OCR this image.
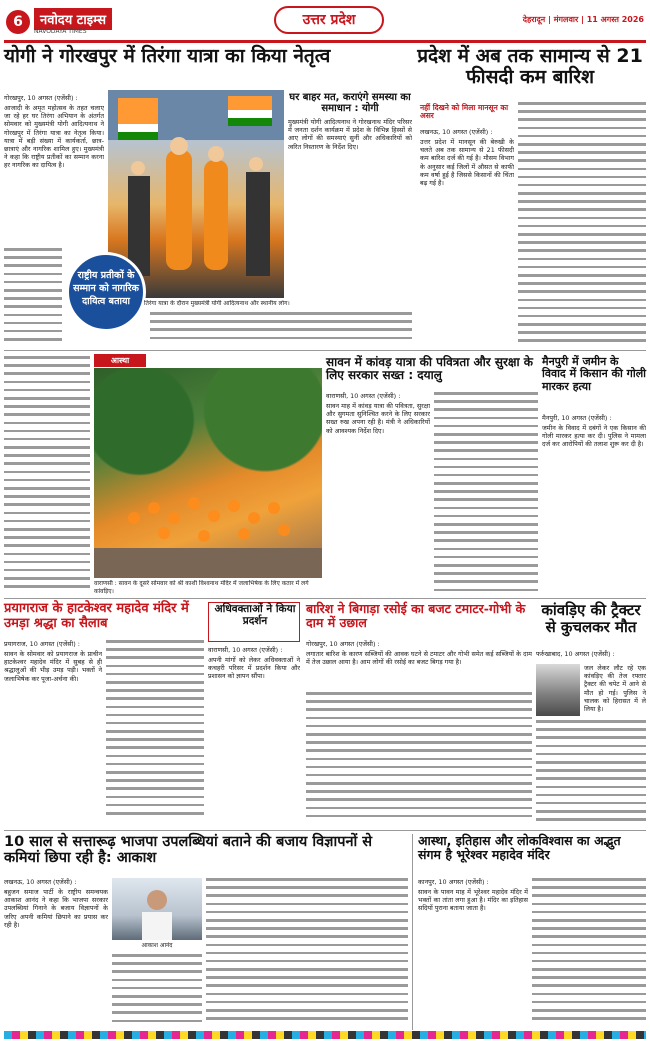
6	नवोदय टाइम्स
NAVODAYA TIMES
उत्तर प्रदेश	देहरादून | मंगलवार | 11 अगस्त 2026
योगी ने गोरखपुर में तिरंगा यात्रा का किया नेतृत्व	प्रदेश में अब तक सामान्य से 21 फीसदी कम बारिश
गोरखपुर, 10 अगस्त (एजेंसी) :
आजादी के अमृत महोत्सव के तहत चलाए जा रहे हर घर तिरंगा अभियान के अंतर्गत सोमवार को मुख्यमंत्री योगी आदित्यनाथ ने गोरखपुर में तिरंगा यात्रा का नेतृत्व किया। यात्रा में बड़ी संख्या में कार्यकर्ता, छात्र-छात्राएं और नागरिक शामिल हुए। मुख्यमंत्री ने कहा कि राष्ट्रीय प्रतीकों का सम्मान करना हर नागरिक का दायित्व है।
घर बाहर मत, कराएंगे समस्या का समाधान : योगी
मुख्यमंत्री योगी आदित्यनाथ ने गोरखनाथ मंदिर परिसर में जनता दर्शन कार्यक्रम में प्रदेश के विभिन्न हिस्सों से आए लोगों की समस्याएं सुनीं और अधिकारियों को त्वरित निस्तारण के निर्देश दिए।
राष्ट्रीय प्रतीकों के सम्मान को नागरिक दायित्व बताया	तिरंगा यात्रा के दौरान मुख्यमंत्री योगी आदित्यनाथ और स्थानीय लोग।
नहीं दिखने को मिला मानसून का असर
लखनऊ, 10 अगस्त (एजेंसी) :
उत्तर प्रदेश में मानसून की बेरुखी के चलते अब तक सामान्य से 21 फीसदी कम बारिश दर्ज की गई है। मौसम विभाग के अनुसार कई जिलों में औसत से काफी कम वर्षा हुई है जिससे किसानों की चिंता बढ़ गई है।
आस्था
वाराणसी : सावन के दूसरे सोमवार को श्री काशी विश्वनाथ मंदिर में जलाभिषेक के लिए कतार में लगे कांवड़िए।
सावन में कांवड़ यात्रा की पवित्रता और सुरक्षा के लिए सरकार सख्त : दयालु
वाराणसी, 10 अगस्त (एजेंसी) :
सावन माह में कांवड़ यात्रा की पवित्रता, सुरक्षा और सुगमता सुनिश्चित करने के लिए सरकार सख्त रुख अपना रही है। मंत्री ने अधिकारियों को आवश्यक निर्देश दिए।
मैनपुरी में जमीन के विवाद में किसान की गोली मारकर हत्या
मैनपुरी, 10 अगस्त (एजेंसी) :
जमीन के विवाद में दबंगों ने एक किसान की गोली मारकर हत्या कर दी। पुलिस ने मामला दर्ज कर आरोपियों की तलाश शुरू कर दी है।
प्रयागराज के हाटकेश्वर महादेव मंदिर में उमड़ा श्रद्धा का सैलाब
प्रयागराज, 10 अगस्त (एजेंसी) :
सावन के सोमवार को प्रयागराज के प्राचीन हाटकेश्वर महादेव मंदिर में सुबह से ही श्रद्धालुओं की भीड़ उमड़ पड़ी। भक्तों ने जलाभिषेक कर पूजा-अर्चना की।
अधिवक्ताओं ने किया प्रदर्शन
वाराणसी, 10 अगस्त (एजेंसी) :
अपनी मांगों को लेकर अधिवक्ताओं ने कचहरी परिसर में प्रदर्शन किया और प्रशासन को ज्ञापन सौंपा।
बारिश ने बिगाड़ा रसोई का बजट टमाटर-गोभी के दाम में उछाल
गोरखपुर, 10 अगस्त (एजेंसी) :
लगातार बारिश के कारण सब्जियों की आवक घटने से टमाटर और गोभी समेत कई सब्जियों के दाम में तेज उछाल आया है। आम लोगों की रसोई का बजट बिगड़ गया है।
कांवड़िए की ट्रैक्टर से कुचलकर मौत
फर्रुखाबाद, 10 अगस्त (एजेंसी) :
जल लेकर लौट रहे एक कांवड़िए की तेज रफ्तार ट्रैक्टर की चपेट में आने से मौत हो गई। पुलिस ने चालक को हिरासत में ले लिया है।
10 साल से सत्तारूढ़ भाजपा उपलब्धियां बताने की बजाय विज्ञापनों से कमियां छिपा रही है: आकाश
लखनऊ, 10 अगस्त (एजेंसी) :
बहुजन समाज पार्टी के राष्ट्रीय समन्वयक आकाश आनंद ने कहा कि भाजपा सरकार उपलब्धियां गिनाने के बजाय विज्ञापनों के जरिए अपनी कमियां छिपाने का प्रयास कर रही है।
आकाश आनंद
आस्था, इतिहास और लोकविश्वास का अद्भुत संगम है भूरेश्वर महादेव मंदिर
कानपुर, 10 अगस्त (एजेंसी) :
सावन के पावन माह में भूरेश्वर महादेव मंदिर में भक्तों का तांता लगा हुआ है। मंदिर का इतिहास सदियों पुराना बताया जाता है।
